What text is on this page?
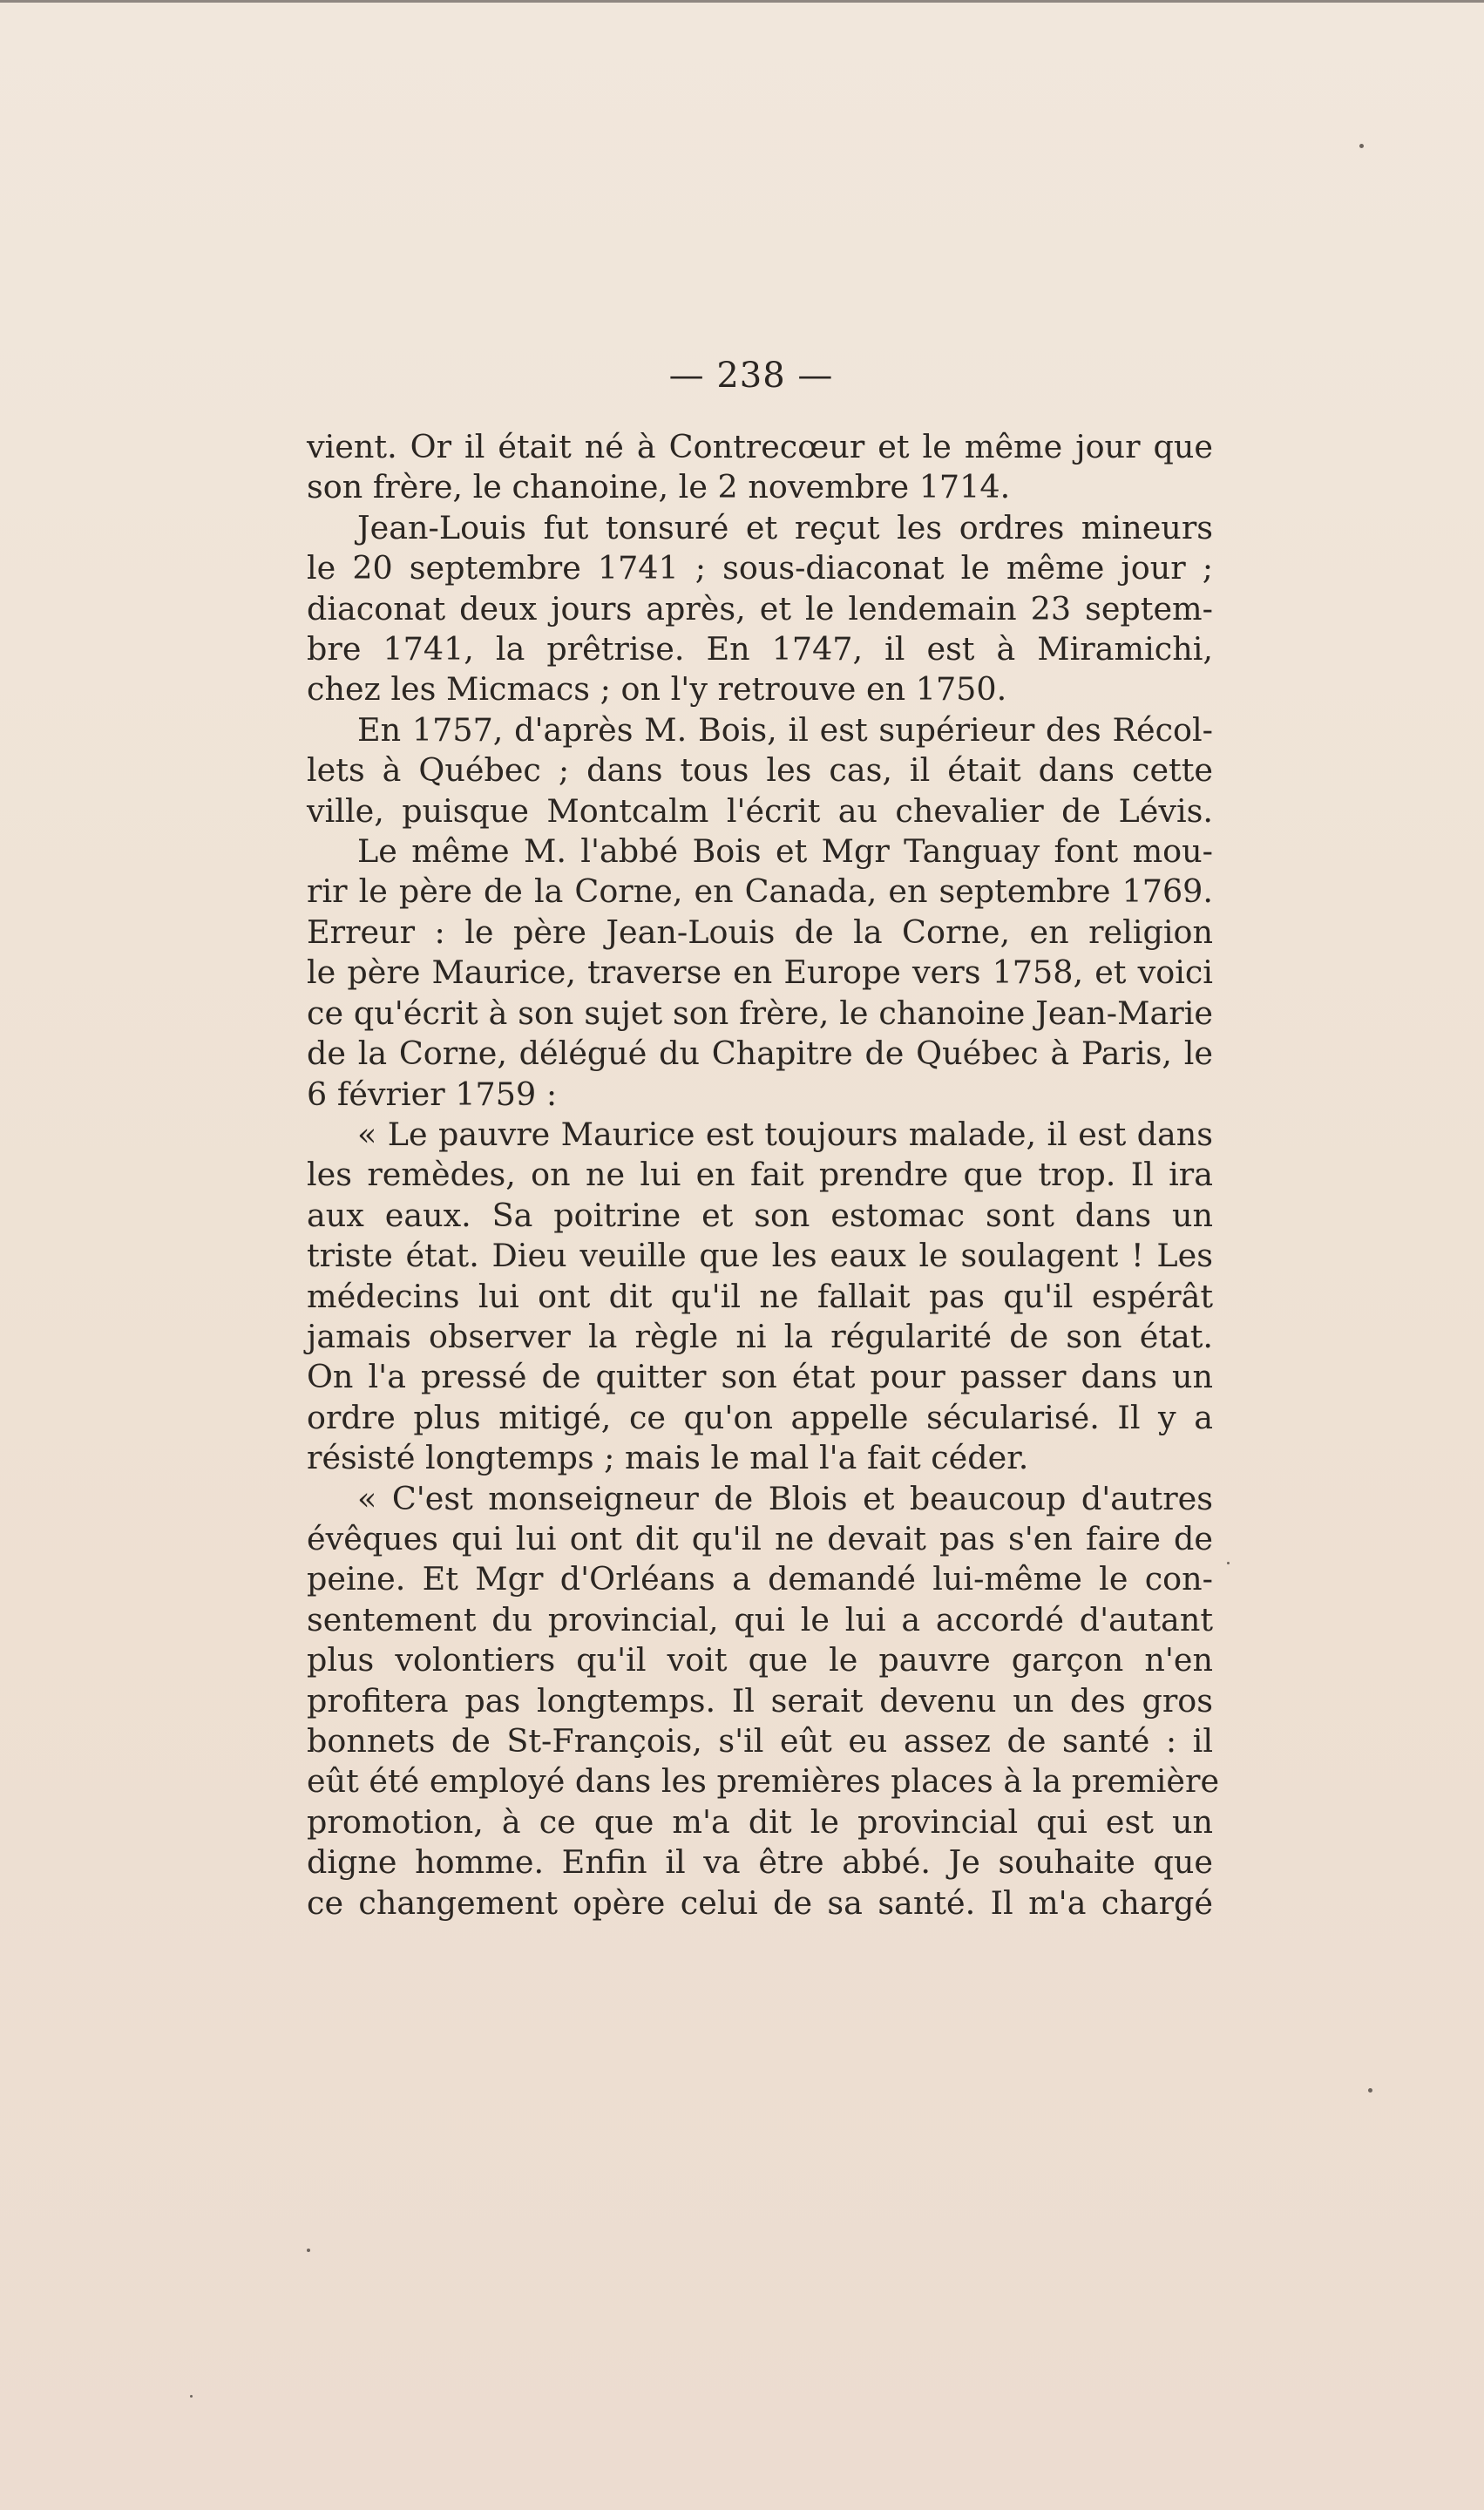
— 238 —
vient. Or il était né à Contrecœur et le même jour que
son frère, le chanoine, le 2 novembre 1714.
Jean-Louis fut tonsuré et reçut les ordres mineurs
le 20 septembre 1741 ; sous-diaconat le même jour ;
diaconat deux jours après, et le lendemain 23 septem-
bre 1741, la prêtrise. En 1747, il est à Miramichi,
chez les Micmacs ; on l'y retrouve en 1750.
En 1757, d'après M. Bois, il est supérieur des Récol-
lets à Québec ; dans tous les cas, il était dans cette
ville, puisque Montcalm l'écrit au chevalier de Lévis.
Le même M. l'abbé Bois et Mgr Tanguay font mou-
rir le père de la Corne, en Canada, en septembre 1769.
Erreur : le père Jean-Louis de la Corne, en religion
le père Maurice, traverse en Europe vers 1758, et voici
ce qu'écrit à son sujet son frère, le chanoine Jean-Marie
de la Corne, délégué du Chapitre de Québec à Paris, le
6 février 1759 :
« Le pauvre Maurice est toujours malade, il est dans
les remèdes, on ne lui en fait prendre que trop. Il ira
aux eaux. Sa poitrine et son estomac sont dans un
triste état. Dieu veuille que les eaux le soulagent ! Les
médecins lui ont dit qu'il ne fallait pas qu'il espérât
jamais observer la règle ni la régularité de son état.
On l'a pressé de quitter son état pour passer dans un
ordre plus mitigé, ce qu'on appelle sécularisé. Il y a
résisté longtemps ; mais le mal l'a fait céder.
« C'est monseigneur de Blois et beaucoup d'autres
évêques qui lui ont dit qu'il ne devait pas s'en faire de
peine. Et Mgr d'Orléans a demandé lui-même le con-
sentement du provincial, qui le lui a accordé d'autant
plus volontiers qu'il voit que le pauvre garçon n'en
profitera pas longtemps. Il serait devenu un des gros
bonnets de St-François, s'il eût eu assez de santé : il
eût été employé dans les premières places à la première
promotion, à ce que m'a dit le provincial qui est un
digne homme. Enfin il va être abbé. Je souhaite que
ce changement opère celui de sa santé. Il m'a chargé
